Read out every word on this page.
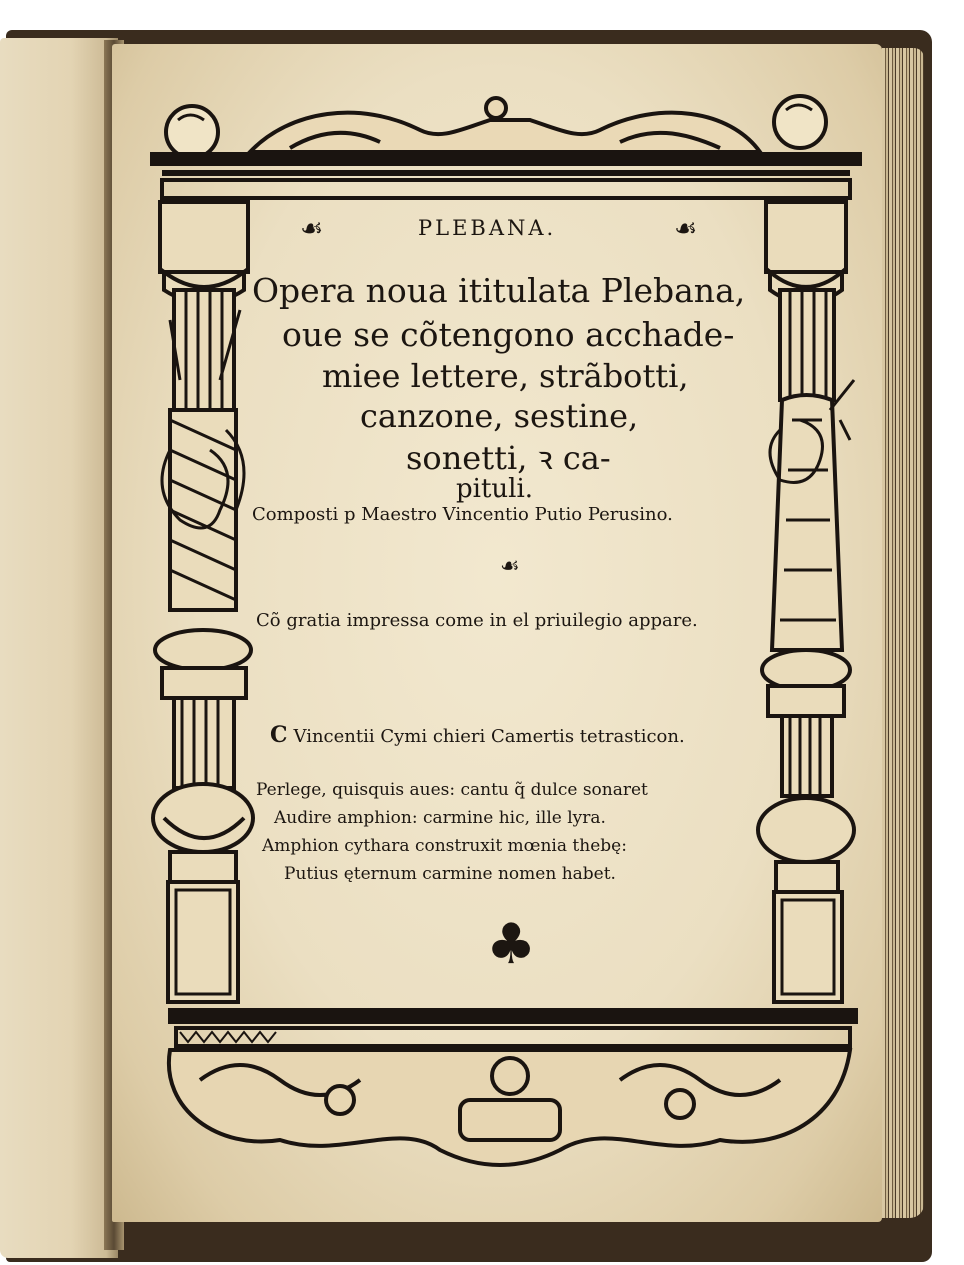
☙	PLEBANA.	☙
Opera noua ititulata Plebana,
oue se cõtengono acchade-
miee lettere, strãbotti,
canzone, sestine,
sonetti, ꝛ ca-
pituli.
Composti p Maestro Vincentio Putio Perusino.
☙
Cõ gratia impressa come in el priuilegio appare.
C Vincentii Cymi chieri Camertis tetrasticon.
Perlege, quisquis aues: cantu q̃ dulce sonaret
Audire amphion: carmine hic, ille lyra.
Amphion cythara construxit mœnia thebę:
Putius ęternum carmine nomen habet.
♣
